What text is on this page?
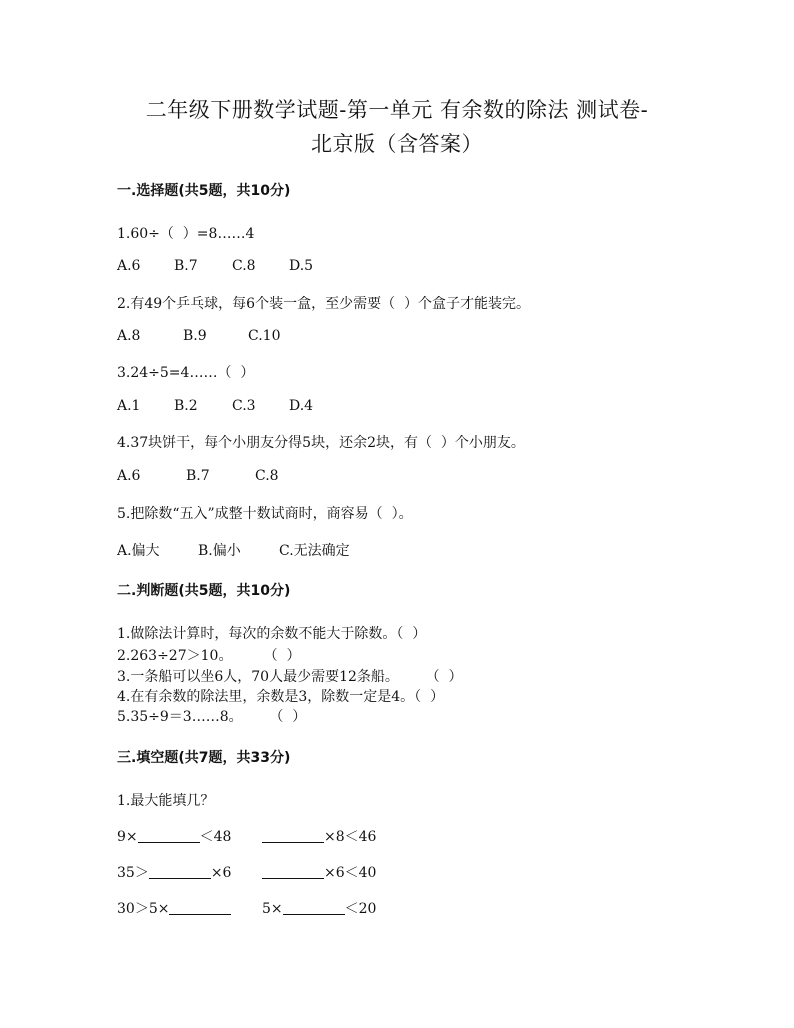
二年级下册数学试题-第一单元 有余数的除法 测试卷-
北京版（含答案）
一.选择题(共5题，共10分)
1.60÷（  ）=8……4
A.6 B.7 C.8 D.5
2.有49个乒乓球，每6个装一盒，至少需要（  ）个盒子才能装完。
A.8	B.9	C.10
3.24÷5=4……（  ）
A.1 B.2 C.3 D.4
4.37块饼干，每个小朋友分得5块，还余2块，有（  ）个小朋友。
A.6	B.7	C.8
5.把除数“五入”成整十数试商时，商容易（  ）。
A.偏大	B.偏小	C.无法确定
二.判断题(共5题，共10分)
1.做除法计算时，每次的余数不能大于除数。（  ）
2.263÷27＞10。       （  ）
3.一条船可以坐6人，70人最少需要12条船。      （  ）
4.在有余数的除法里，余数是3，除数一定是4。（  ）
5.35÷9＝3……8。      （  ）
三.填空题(共7题，共33分)
1.最大能填几？
9×	＜48	×8＜46
35＞	×6	×6＜40
30＞5×	5×	＜20
